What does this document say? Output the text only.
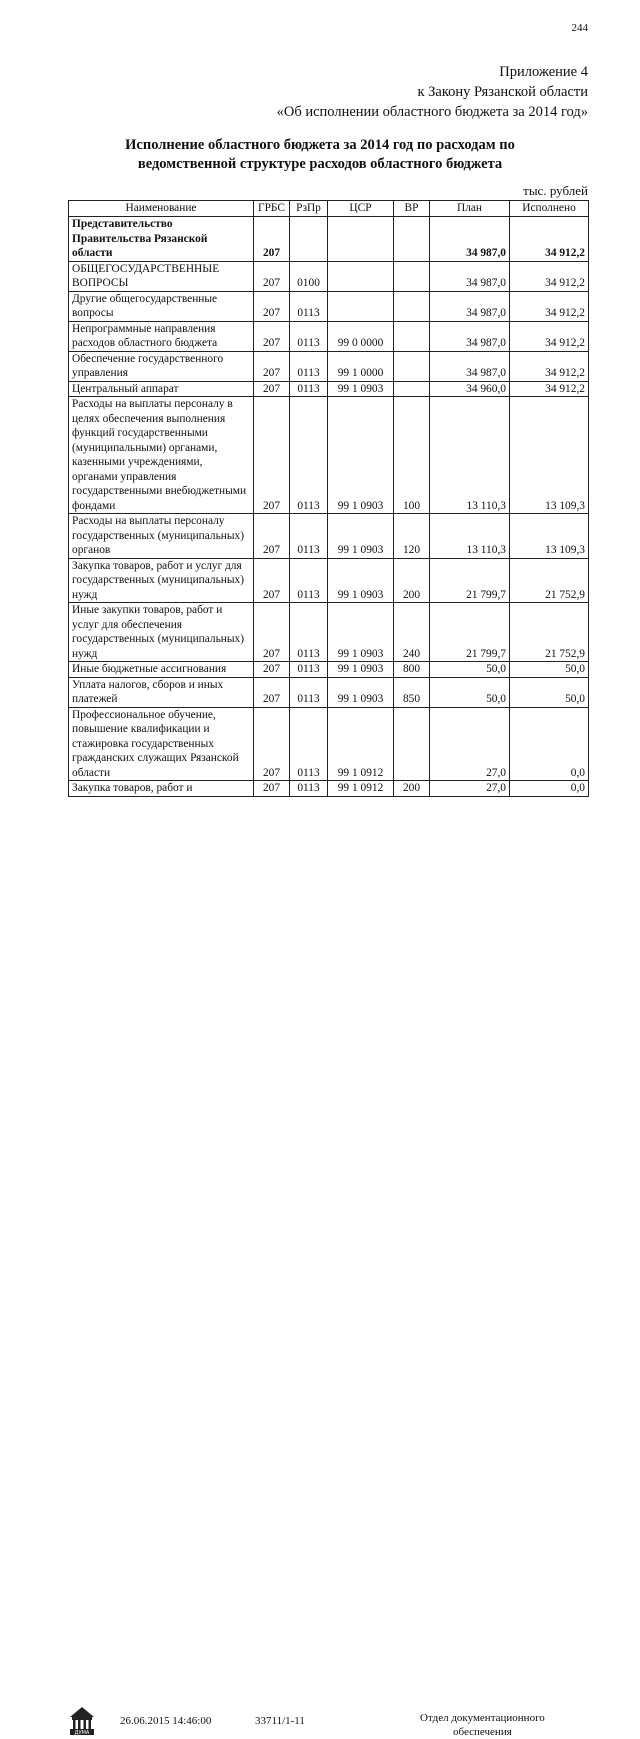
244
Приложение 4
к Закону Рязанской области
«Об исполнении областного бюджета за 2014 год»
Исполнение областного бюджета за 2014 год по расходам по
ведомственной структуре расходов областного бюджета
тыс. рублей
Наименование	ГРБС	РзПр	ЦСР	ВР	План	Исполнено
Представительство Правительства Рязанской области	207				34 987,0	34 912,2
ОБЩЕГОСУДАРСТВЕННЫЕ ВОПРОСЫ	207	0100			34 987,0	34 912,2
Другие общегосударственные вопросы	207	0113			34 987,0	34 912,2
Непрограммные направления расходов областного бюджета	207	0113	99 0 0000		34 987,0	34 912,2
Обеспечение государственного управления	207	0113	99 1 0000		34 987,0	34 912,2
Центральный аппарат	207	0113	99 1 0903		34 960,0	34 912,2
Расходы на выплаты персоналу в целях обеспечения выполнения функций государственными (муниципальными) органами, казенными учреждениями, органами управления государственными внебюджетными фондами	207	0113	99 1 0903	100	13 110,3	13 109,3
Расходы на выплаты персоналу государственных (муниципальных) органов	207	0113	99 1 0903	120	13 110,3	13 109,3
Закупка товаров, работ и услуг для государственных (муниципальных) нужд	207	0113	99 1 0903	200	21 799,7	21 752,9
Иные закупки товаров, работ и услуг для обеспечения государственных (муниципальных) нужд	207	0113	99 1 0903	240	21 799,7	21 752,9
Иные бюджетные ассигнования	207	0113	99 1 0903	800	50,0	50,0
Уплата налогов, сборов и иных платежей	207	0113	99 1 0903	850	50,0	50,0
Профессиональное обучение, повышение квалификации и стажировка государственных гражданских служащих Рязанской области	207	0113	99 1 0912		27,0	0,0
Закупка товаров, работ и	207	0113	99 1 0912	200	27,0	0,0
ДУМА
26.06.2015 14:46:00	33711/1-11	Отдел документационного
обеспечения
